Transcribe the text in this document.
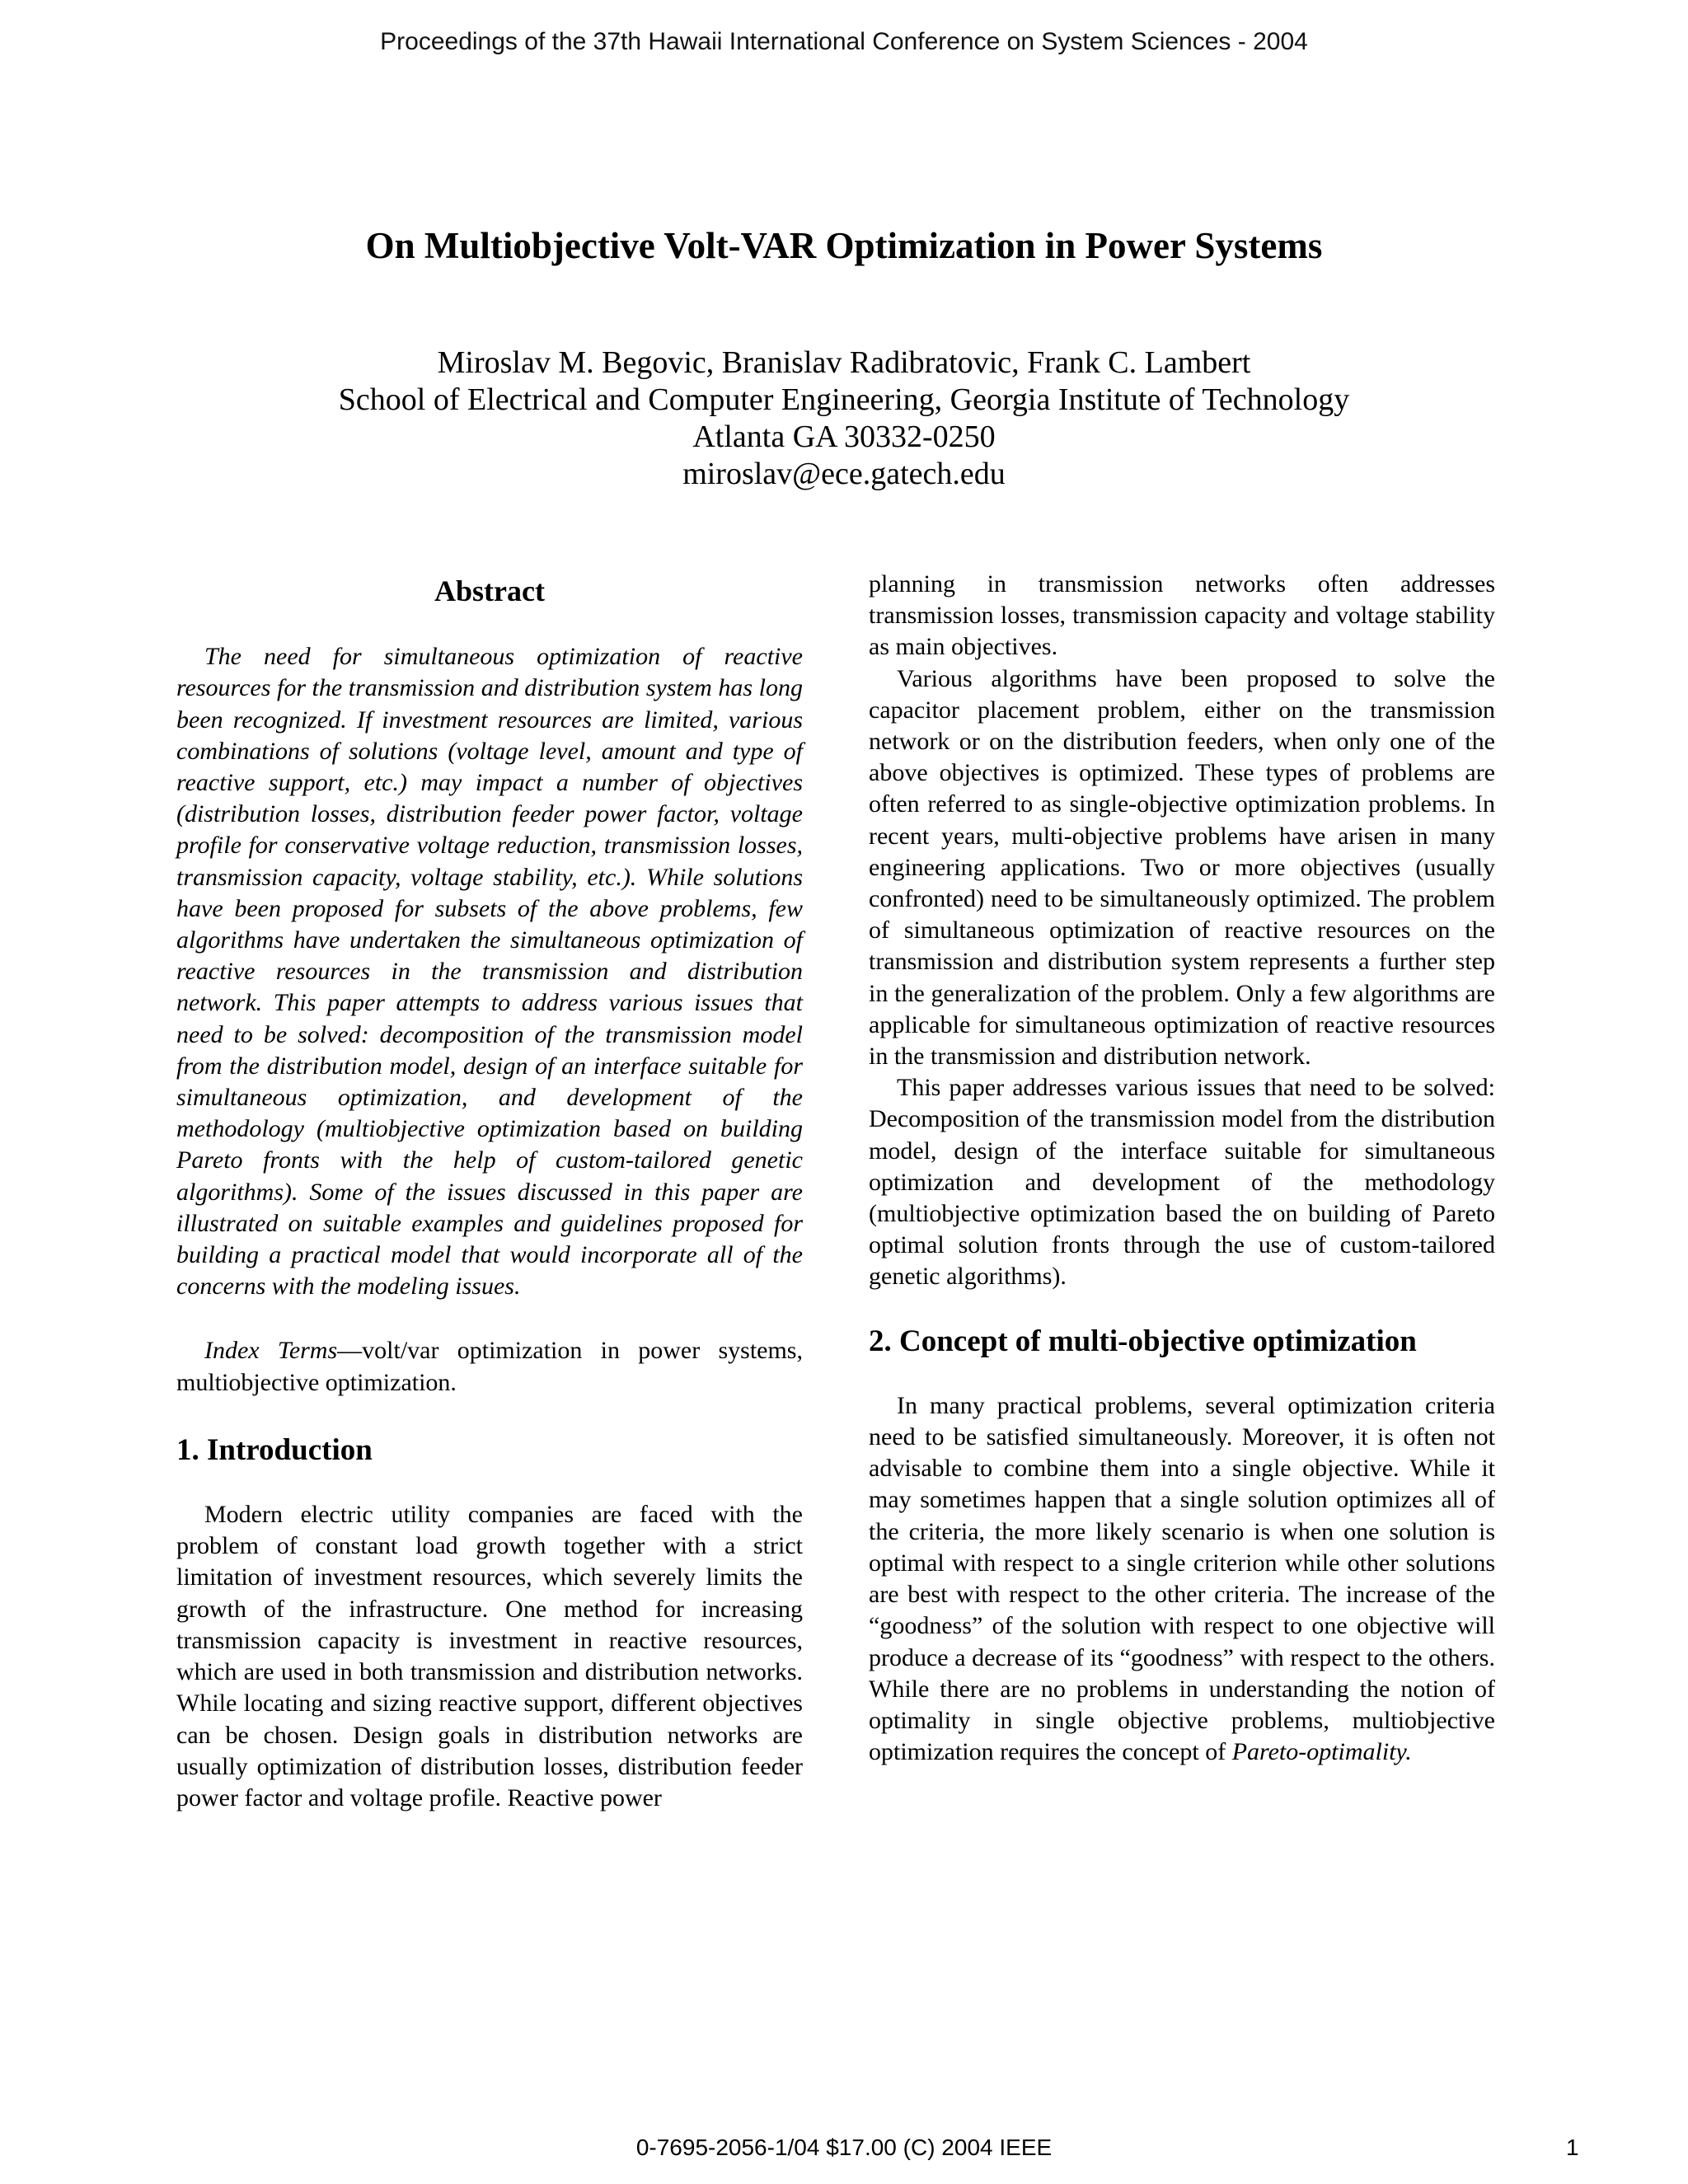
Proceedings of the 37th Hawaii International Conference on System Sciences - 2004
On Multiobjective Volt-VAR Optimization in Power Systems
Miroslav M. Begovic, Branislav Radibratovic, Frank C. Lambert
School of Electrical and Computer Engineering, Georgia Institute of Technology
Atlanta GA 30332-0250
miroslav@ece.gatech.edu
Abstract

The need for simultaneous optimization of reactive resources for the transmission and distribution system has long been recognized. If investment resources are limited, various combinations of solutions (voltage level, amount and type of reactive support, etc.) may impact a number of objectives (distribution losses, distribution feeder power factor, voltage profile for conservative voltage reduction, transmission losses, transmission capacity, voltage stability, etc.). While solutions have been proposed for subsets of the above problems, few algorithms have undertaken the simultaneous optimization of reactive resources in the transmission and distribution network. This paper attempts to address various issues that need to be solved: decomposition of the transmission model from the distribution model, design of an interface suitable for simultaneous optimization, and development of the methodology (multiobjective optimization based on building Pareto fronts with the help of custom-tailored genetic algorithms). Some of the issues discussed in this paper are illustrated on suitable examples and guidelines proposed for building a practical model that would incorporate all of the concerns with the modeling issues.

Index Terms—volt/var optimization in power systems, multiobjective optimization.

1. Introduction

Modern electric utility companies are faced with the problem of constant load growth together with a strict limitation of investment resources, which severely limits the growth of the infrastructure. One method for increasing transmission capacity is investment in reactive resources, which are used in both transmission and distribution networks. While locating and sizing reactive support, different objectives can be chosen. Design goals in distribution networks are usually optimization of distribution losses, distribution feeder power factor and voltage profile. Reactive power

planning in transmission networks often addresses transmission losses, transmission capacity and voltage stability as main objectives.

Various algorithms have been proposed to solve the capacitor placement problem, either on the transmission network or on the distribution feeders, when only one of the above objectives is optimized. These types of problems are often referred to as single-objective optimization problems. In recent years, multi-objective problems have arisen in many engineering applications. Two or more objectives (usually confronted) need to be simultaneously optimized. The problem of simultaneous optimization of reactive resources on the transmission and distribution system represents a further step in the generalization of the problem. Only a few algorithms are applicable for simultaneous optimization of reactive resources in the transmission and distribution network.

This paper addresses various issues that need to be solved: Decomposition of the transmission model from the distribution model, design of the interface suitable for simultaneous optimization and development of the methodology (multiobjective optimization based the on building of Pareto optimal solution fronts through the use of custom-tailored genetic algorithms).

2. Concept of multi-objective optimization

In many practical problems, several optimization criteria need to be satisfied simultaneously. Moreover, it is often not advisable to combine them into a single objective. While it may sometimes happen that a single solution optimizes all of the criteria, the more likely scenario is when one solution is optimal with respect to a single criterion while other solutions are best with respect to the other criteria. The increase of the “goodness” of the solution with respect to one objective will produce a decrease of its “goodness” with respect to the others. While there are no problems in understanding the notion of optimality in single objective problems, multiobjective optimization requires the concept of Pareto-optimality.

0-7695-2056-1/04 $17.00 (C) 2004 IEEE	1
